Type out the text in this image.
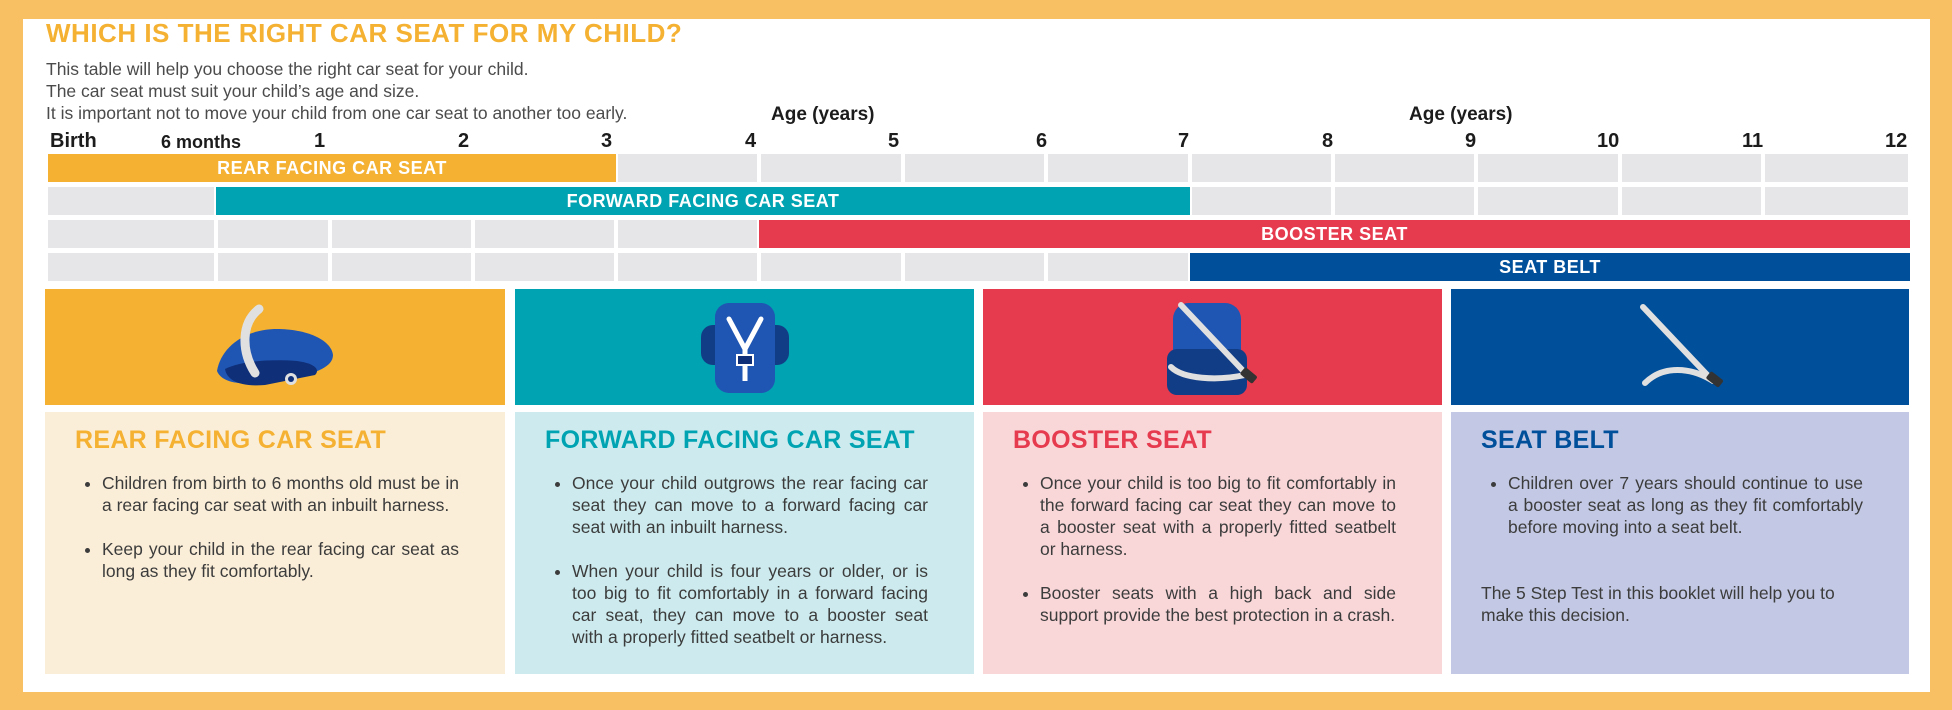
WHICH IS THE RIGHT CAR SEAT FOR MY CHILD?
This table will help you choose the right car seat for your child.
The car seat must suit your child’s age and size.
It is important not to move your child from one car seat to another too early.	Age (years)	Age (years)
Birth	6 months	1	2	3	4	5	6	7	8	9	10	11	12
REAR FACING CAR SEAT
FORWARD FACING CAR SEAT
BOOSTER SEAT
SEAT BELT
REAR FACING CAR SEAT
• Children from birth to 6 months old must be in a rear facing car seat with an inbuilt harness.
• Keep your child in the rear facing car seat as long as they fit comfortably.
FORWARD FACING CAR SEAT
• Once your child outgrows the rear facing car seat they can move to a forward facing car seat with an inbuilt harness.
• When your child is four years or older, or is too big to fit comfortably in a forward facing car seat, they can move to a booster seat with a properly fitted seatbelt or harness.
BOOSTER SEAT
• Once your child is too big to fit comfortably in the forward facing car seat they can move to a booster seat with a properly fitted seatbelt or harness.
• Booster seats with a high back and side support provide the best protection in a crash.
SEAT BELT
• Children over 7 years should continue to use a booster seat as long as they fit comfortably before moving into a seat belt.
The 5 Step Test in this booklet will help you to make this decision.
